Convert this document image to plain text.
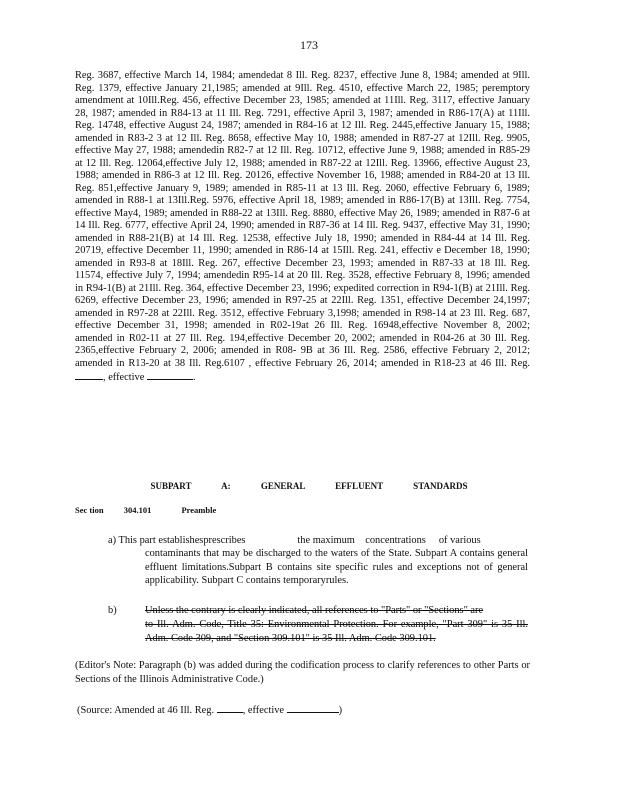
173
Reg. 3687, effective March 14, 1984; amendedat 8 Ill. Reg. 8237, effective June 8, 1984; amended at 9Ill. Reg. 1379, effective January 21,1985; amended at 9Ill. Reg. 4510, effective March 22, 1985; peremptory amendment at 10Ill.Reg. 456, effective December 23, 1985; amended at 11Ill. Reg. 3117, effective January 28, 1987; amended in R84-13 at 11 Ill. Reg. 7291, effective April 3, 1987; amended in R86-17(A) at 11Ill. Reg. 14748, effective August 24, 1987; amended in R84-16 at 12 Ill. Reg. 2445,effective January 15, 1988; amended in R83-2 3 at 12 Ill. Reg. 8658, effective May 10, 1988; amended in R87-27 at 12Ill. Reg. 9905, effective May 27, 1988; amendedin R82-7 at 12 Ill. Reg. 10712, effective June 9, 1988; amended in R85-29 at 12 Ill. Reg. 12064,effective July 12, 1988; amended in R87-22 at 12Ill. Reg. 13966, effective August 23, 1988; amended in R86-3 at 12 Ill. Reg. 20126, effective November 16, 1988; amended in R84-20 at 13 Ill. Reg. 851,effective January 9, 1989; amended in R85-11 at 13 Ill. Reg. 2060, effective February 6, 1989; amended in R88-1 at 13Ill.Reg. 5976, effective April 18, 1989; amended in R86-17(B) at 13Ill. Reg. 7754, effective May4, 1989; amended in R88-22 at 13Ill. Reg. 8880, effective May 26, 1989; amended in R87-6 at 14 Ill. Reg. 6777, effective April 24, 1990; amended in R87-36 at 14 Ill. Reg. 9437, effective May 31, 1990; amended in R88-21(B) at 14 Ill. Reg. 12538, effective July 18, 1990; amended in R84-44 at 14 Ill. Reg. 20719, effective December 11, 1990; amended in R86-14 at 15Ill. Reg. 241, effectiv e December 18, 1990; amended in R93-8 at 18Ill. Reg. 267, effective December 23, 1993; amended in R87-33 at 18 Ill. Reg. 11574, effective July 7, 1994; amendedin R95-14 at 20 Ill. Reg. 3528, effective February 8, 1996; amended in R94-1(B) at 21Ill. Reg. 364, effective December 23, 1996; expedited correction in R94-1(B) at 21Ill. Reg. 6269, effective December 23, 1996; amended in R97-25 at 22Ill. Reg. 1351, effective December 24,1997; amended in R97-28 at 22Ill. Reg. 3512, effective February 3,1998; amended in R98-14 at 23 Ill. Reg. 687, effective December 31, 1998; amended in R02-19at 26 Ill. Reg. 16948,effective November 8, 2002; amended in R02-11 at 27 Ill. Reg. 194,effective December 20, 2002; amended in R04-26 at 30 Ill. Reg. 2365,effective February 2, 2006; amended in R08- 9B at 36 Ill. Reg. 2586, effective February 2, 2012; amended in R13-20 at 38 Ill. Reg.6107 , effective February 26, 2014; amended in R18-23 at 46 Ill. Reg. , effective	.
SUBPART A: GENERAL EFFLUENT STANDARDS
Sec tion 304.101	Preamble
a) This part establishesprescribes                    the maximum    concentrations     of various
contaminants that may be discharged to the waters of the State. Subpart A contains general effluent limitations.Subpart B contains site specific rules and exceptions not of general applicability. Subpart C contains temporaryrules.
b)	Unless the contrary is clearly indicated, all references to "Parts" or "Sections" are
to Ill. Adm. Code, Title 35: Environmental Protection. For example, "Part 309" is 35 Ill. Adm. Code 309, and "Section 309.101" is 35 Ill. Adm. Code 309.101.
(Editor's Note: Paragraph (b) was added during the codification process to clarify references to other Parts or Sections of the Illinois Administrative Code.)
(Source: Amended at 46 Ill. Reg.	, effective	)
